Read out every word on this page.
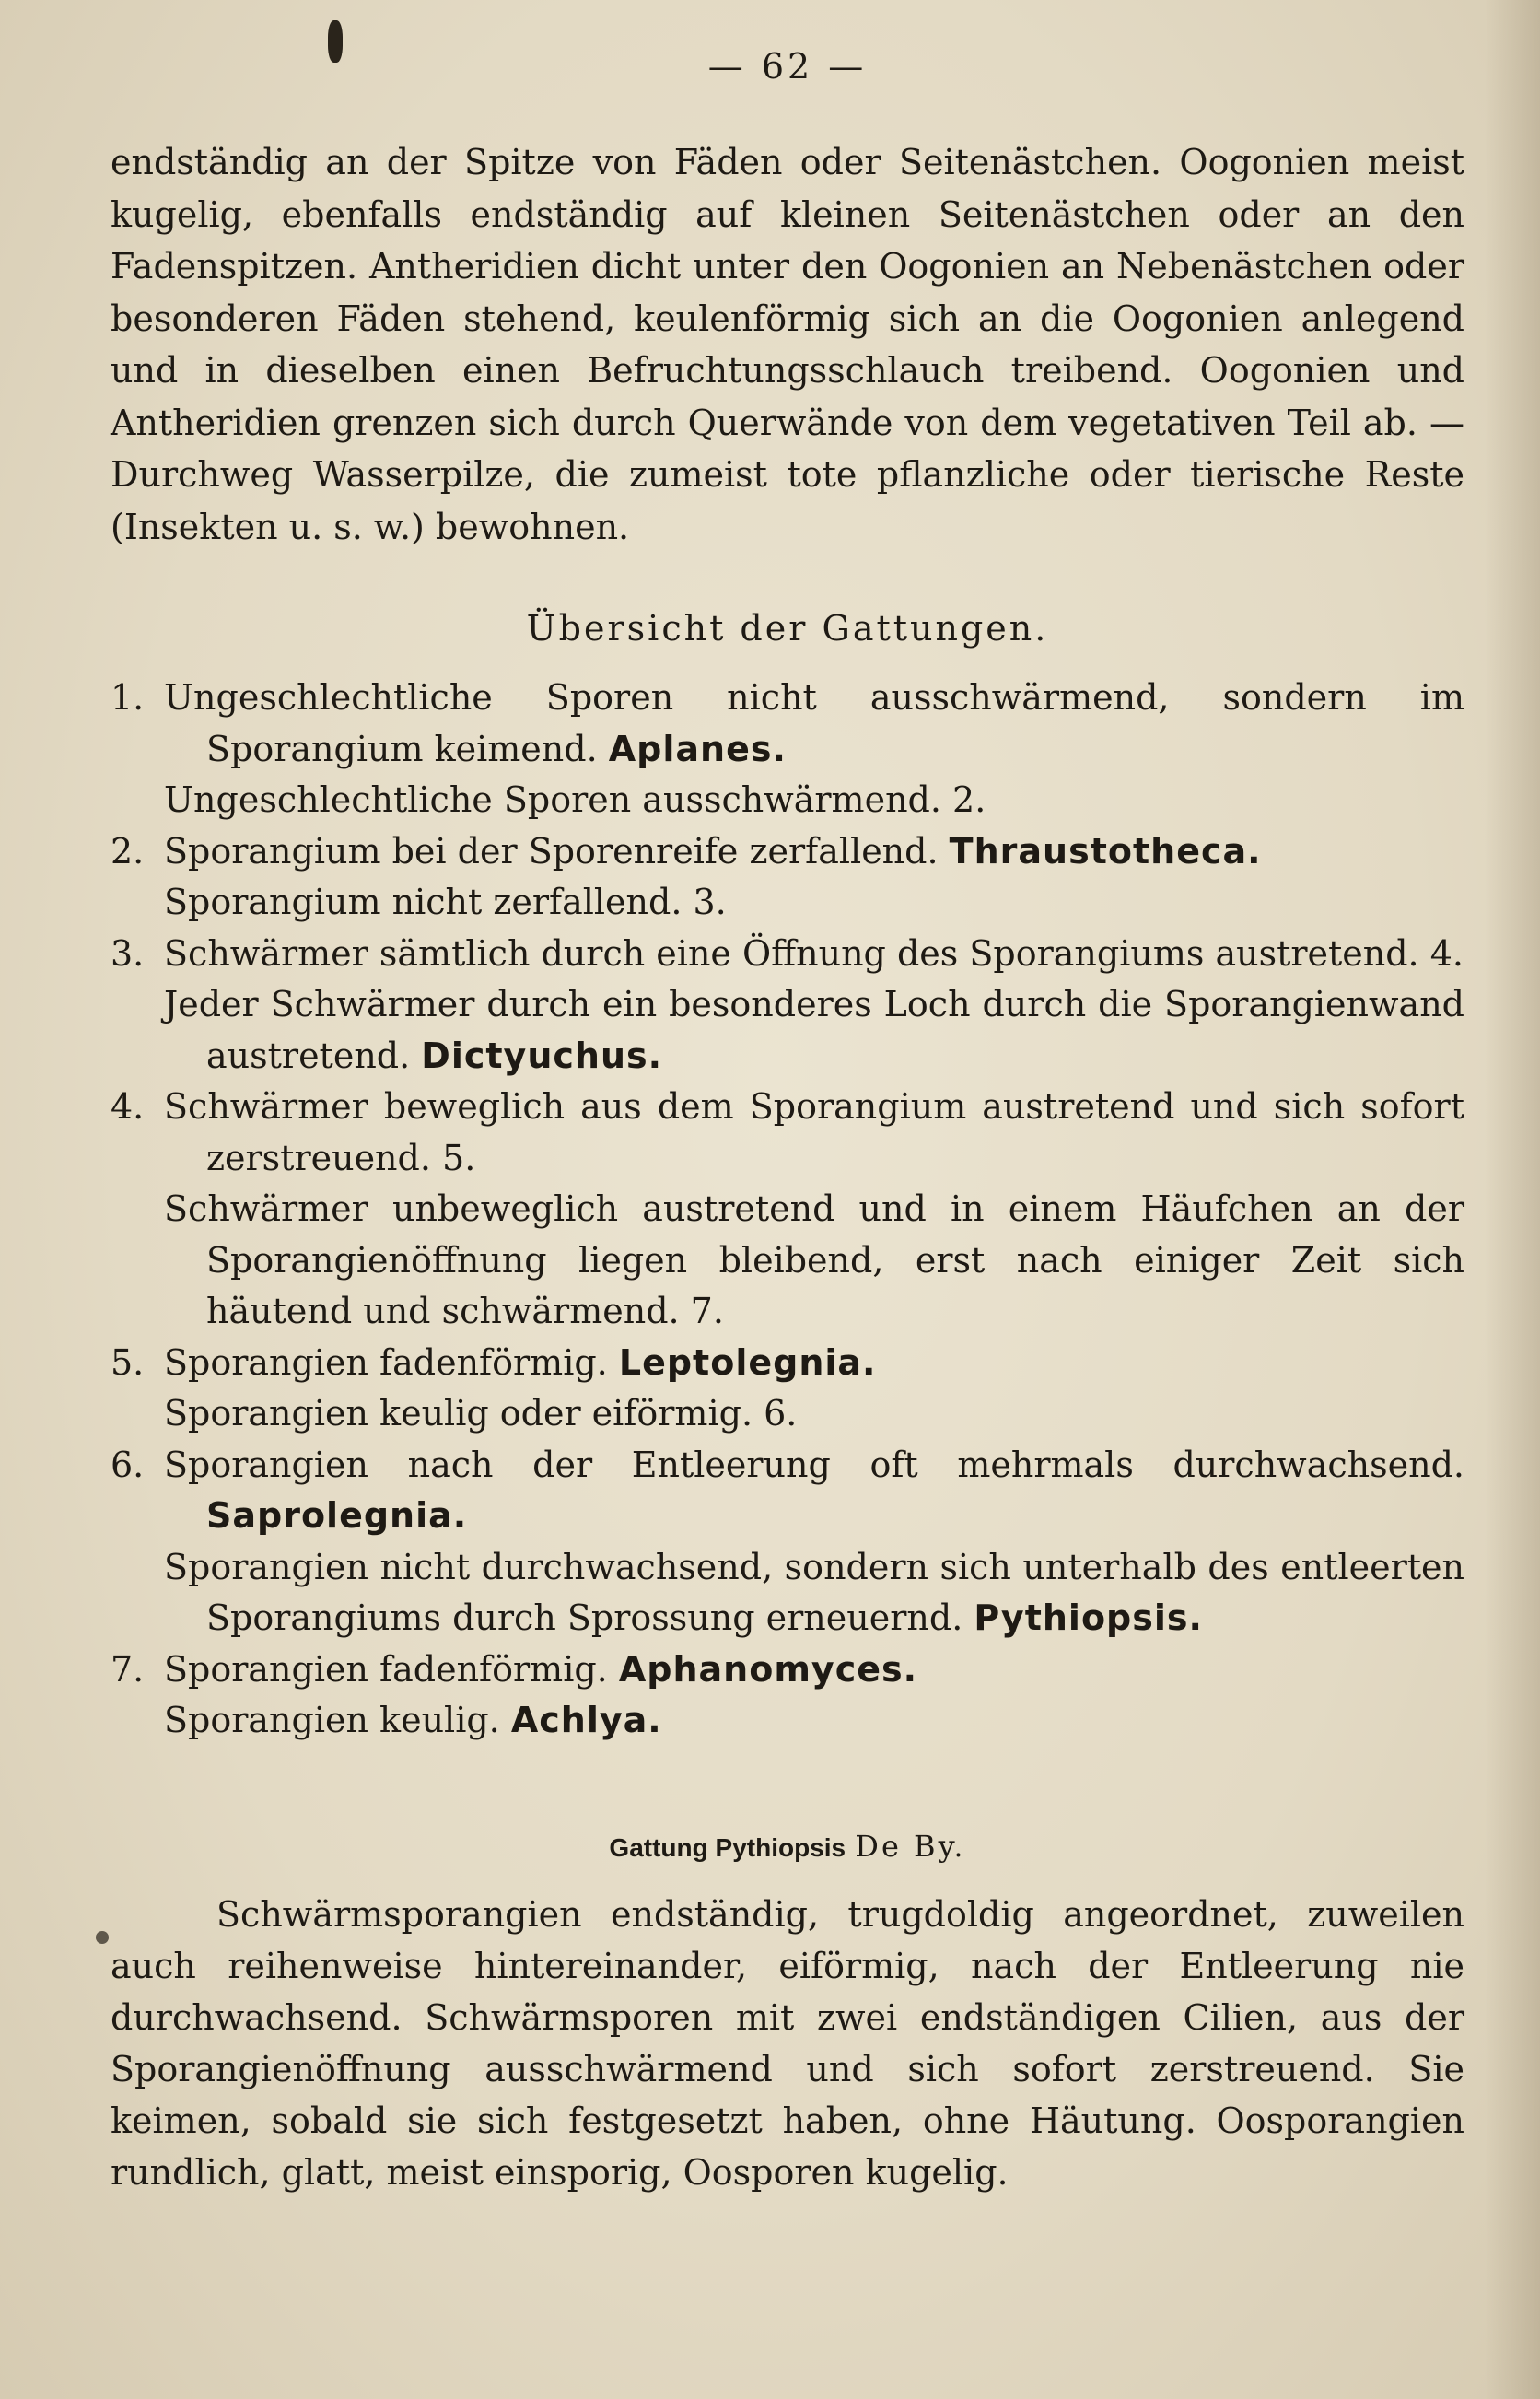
— 62 —

endständig an der Spitze von Fäden oder Seitenästchen. Oogonien meist kugelig, ebenfalls endständig auf kleinen Seitenästchen oder an den Fadenspitzen. Antheridien dicht unter den Oogonien an Nebenästchen oder besonderen Fäden stehend, keulenförmig sich an die Oogonien anlegend und in dieselben einen Befruchtungsschlauch treibend. Oogonien und Antheridien grenzen sich durch Querwände von dem vegetativen Teil ab. — Durchweg Wasserpilze, die zumeist tote pflanzliche oder tierische Reste (Insekten u. s. w.) bewohnen.

Übersicht der Gattungen.
1. Ungeschlechtliche Sporen nicht ausschwärmend, sondern im Sporangium keimend. Aplanes.

Ungeschlechtliche Sporen ausschwärmend. 2.

2. Sporangium bei der Sporenreife zerfallend. Thraustotheca.

Sporangium nicht zerfallend. 3.

3. Schwärmer sämtlich durch eine Öffnung des Sporangiums austretend. 4.

Jeder Schwärmer durch ein besonderes Loch durch die Sporangienwand austretend. Dictyuchus.

4. Schwärmer beweglich aus dem Sporangium austretend und sich sofort zerstreuend. 5.

Schwärmer unbeweglich austretend und in einem Häufchen an der Sporangienöffnung liegen bleibend, erst nach einiger Zeit sich häutend und schwärmend. 7.

5. Sporangien fadenförmig. Leptolegnia.

Sporangien keulig oder eiförmig. 6.

6. Sporangien nach der Entleerung oft mehrmals durchwachsend. Saprolegnia.

Sporangien nicht durchwachsend, sondern sich unterhalb des entleerten Sporangiums durch Sprossung erneuernd. Pythiopsis.

7. Sporangien fadenförmig. Aphanomyces.

Sporangien keulig. Achlya.

Gattung Pythiopsis De By.

Schwärmsporangien endständig, trugdoldig angeordnet, zuweilen auch reihenweise hintereinander, eiförmig, nach der Entleerung nie durchwachsend. Schwärmsporen mit zwei endständigen Cilien, aus der Sporangienöffnung ausschwärmend und sich sofort zerstreuend. Sie keimen, sobald sie sich festgesetzt haben, ohne Häutung. Oosporangien rundlich, glatt, meist einsporig, Oosporen kugelig.
